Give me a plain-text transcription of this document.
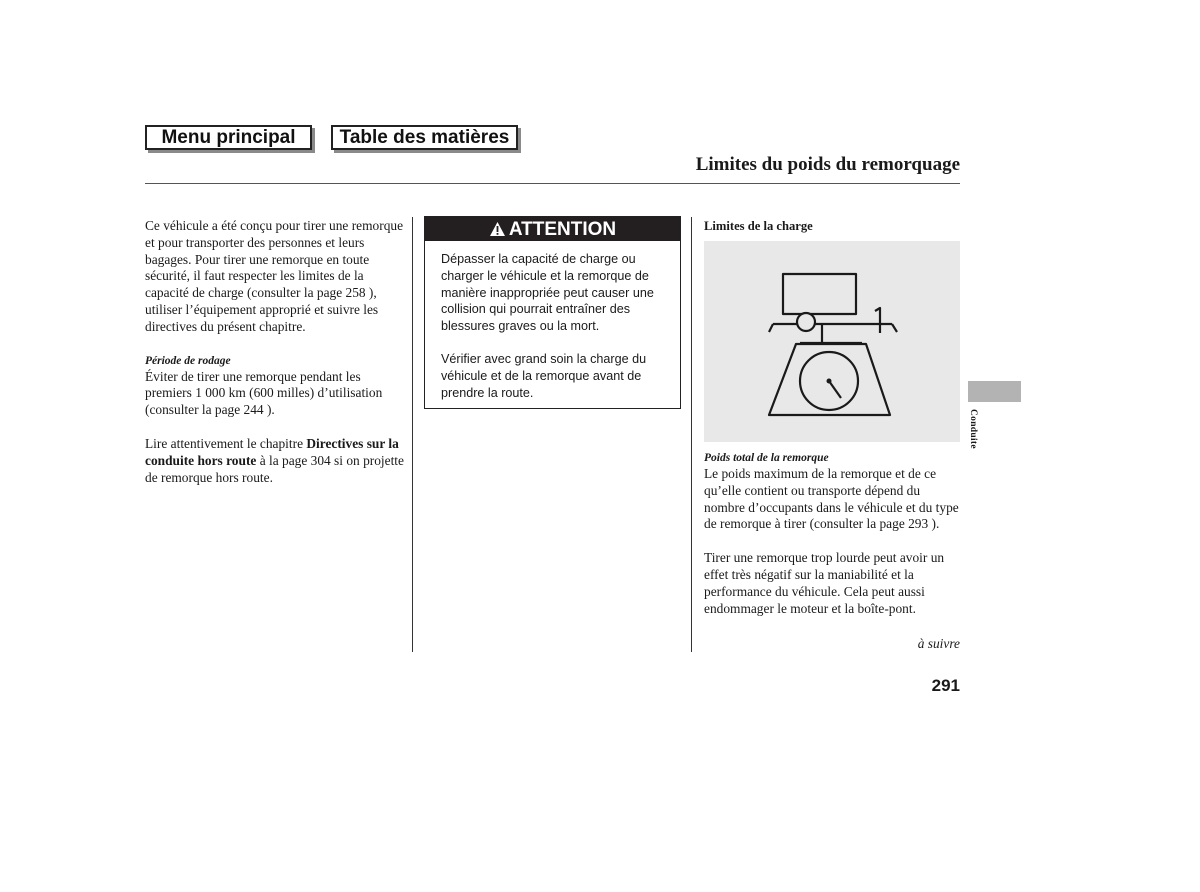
Menu principal	Table des matières
Limites du poids du remorquage

Ce véhicule a été conçu pour tirer une remorque et pour transporter des personnes et leurs bagages. Pour tirer une remorque en toute sécurité, il faut respecter les limites de la capacité de charge (consulter la page 258 ), utiliser l’équipement approprié et suivre les directives du présent chapitre.

Période de rodage

Éviter de tirer une remorque pendant les premiers 1 000 km (600 milles) d’utilisation (consulter la page 244 ).

Lire attentivement le chapitre Directives sur la conduite hors route à la page 304 si on projette de remorque hors route.

ATTENTION

Dépasser la capacité de charge ou charger le véhicule et la remorque de manière inappropriée peut causer une collision qui pourrait entraîner des blessures graves ou la mort.

Vérifier avec grand soin la charge du véhicule et de la remorque avant de prendre la route.

Limites de la charge
Poids total de la remorque

Le poids maximum de la remorque et de ce qu’elle contient ou transporte dépend du nombre d’occupants dans le véhicule et du type de remorque à tirer (consulter la page 293 ).

Tirer une remorque trop lourde peut avoir un effet très négatif sur la maniabilité et la performance du véhicule. Cela peut aussi endommager le moteur et la boîte-pont.

Conduite
à suivre
291
